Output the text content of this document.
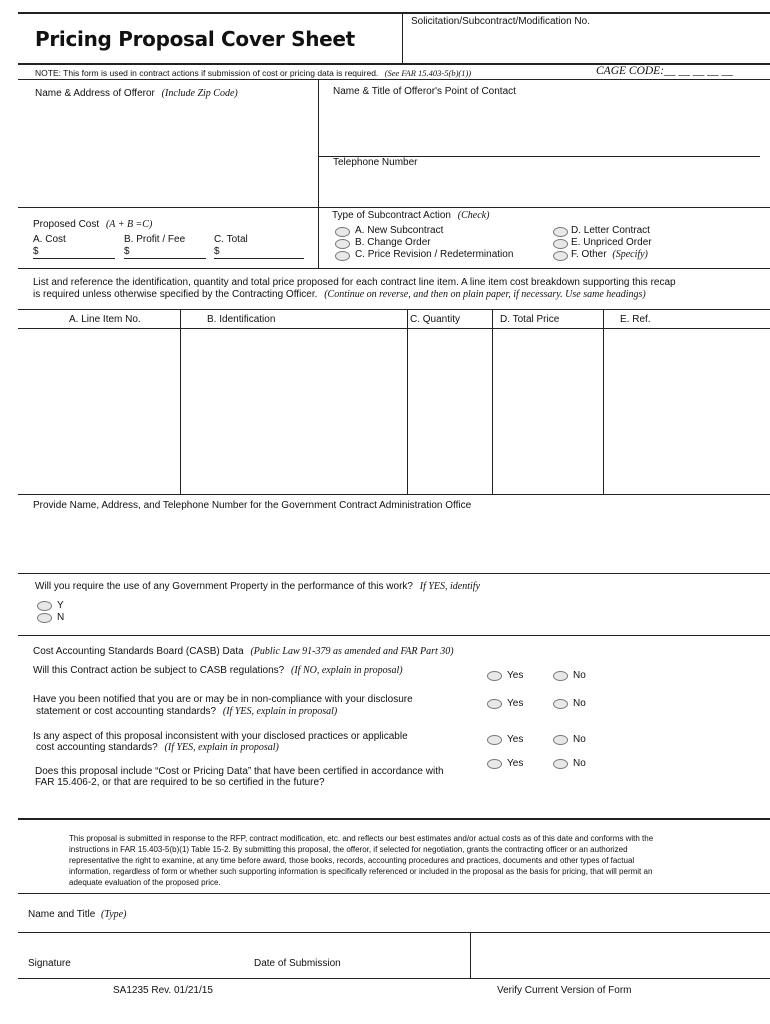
Pricing Proposal Cover Sheet
Solicitation/Subcontract/Modification No.
NOTE: This form is used in contract actions if submission of cost or pricing data is required. (See FAR 15.403-5(b)(1))	CAGE CODE:__ __ __ __ __
Name & Address of Offeror (Include Zip Code)	Name & Title of Offeror's Point of Contact
Telephone Number
Proposed Cost (A + B =C)
A. Cost	B. Profit / Fee	C. Total
$	$	$
Type of Subcontract Action (Check)
A. New Subcontract
B. Change Order
C. Price Revision / Redetermination
D. Letter Contract
E. Unpriced Order
F. Other (Specify)
List and reference the identification, quantity and total price proposed for each contract line item. A line item cost breakdown supporting this recap
is required unless otherwise specified by the Contracting Officer. (Continue on reverse, and then on plain paper, if necessary. Use same headings)
A. Line Item No.	B. Identification	C. Quantity	D. Total Price	E. Ref.
Provide Name, Address, and Telephone Number for the Government Contract Administration Office
Will you require the use of any Government Property in the performance of this work? If YES, identify
Y
N
Cost Accounting Standards Board (CASB) Data (Public Law 91-379 as amended and FAR Part 30)
Will this Contract action be subject to CASB regulations? (If NO, explain in proposal)	Yes	No
Have you been notified that you are or may be in non-compliance with your disclosure
statement or cost accounting standards? (If YES, explain in proposal)
Yes	No
Is any aspect of this proposal inconsistent with your disclosed practices or applicable
cost accounting standards? (If YES, explain in proposal)
Yes	No
Does this proposal include “Cost or Pricing Data” that have been certified in accordance with
FAR 15.406-2, or that are required to be so certified in the future?
Yes	No
This proposal is submitted in response to the RFP, contract modification, etc. and reflects our best estimates and/or actual costs as of this date and conforms with the
instructions in FAR 15.403-5(b)(1) Table 15-2. By submitting this proposal, the offeror, if selected for negotiation, grants the contracting officer or an authorized
representative the right to examine, at any time before award, those books, records, accounting procedures and practices, documents and other types of factual
information, regardless of form or whether such supporting information is specifically referenced or included in the proposal as the basis for pricing, that will permit an
adequate evaluation of the proposed price.
Name and Title (Type)
Signature	Date of Submission
SA1235 Rev. 01/21/15	Verify Current Version of Form
